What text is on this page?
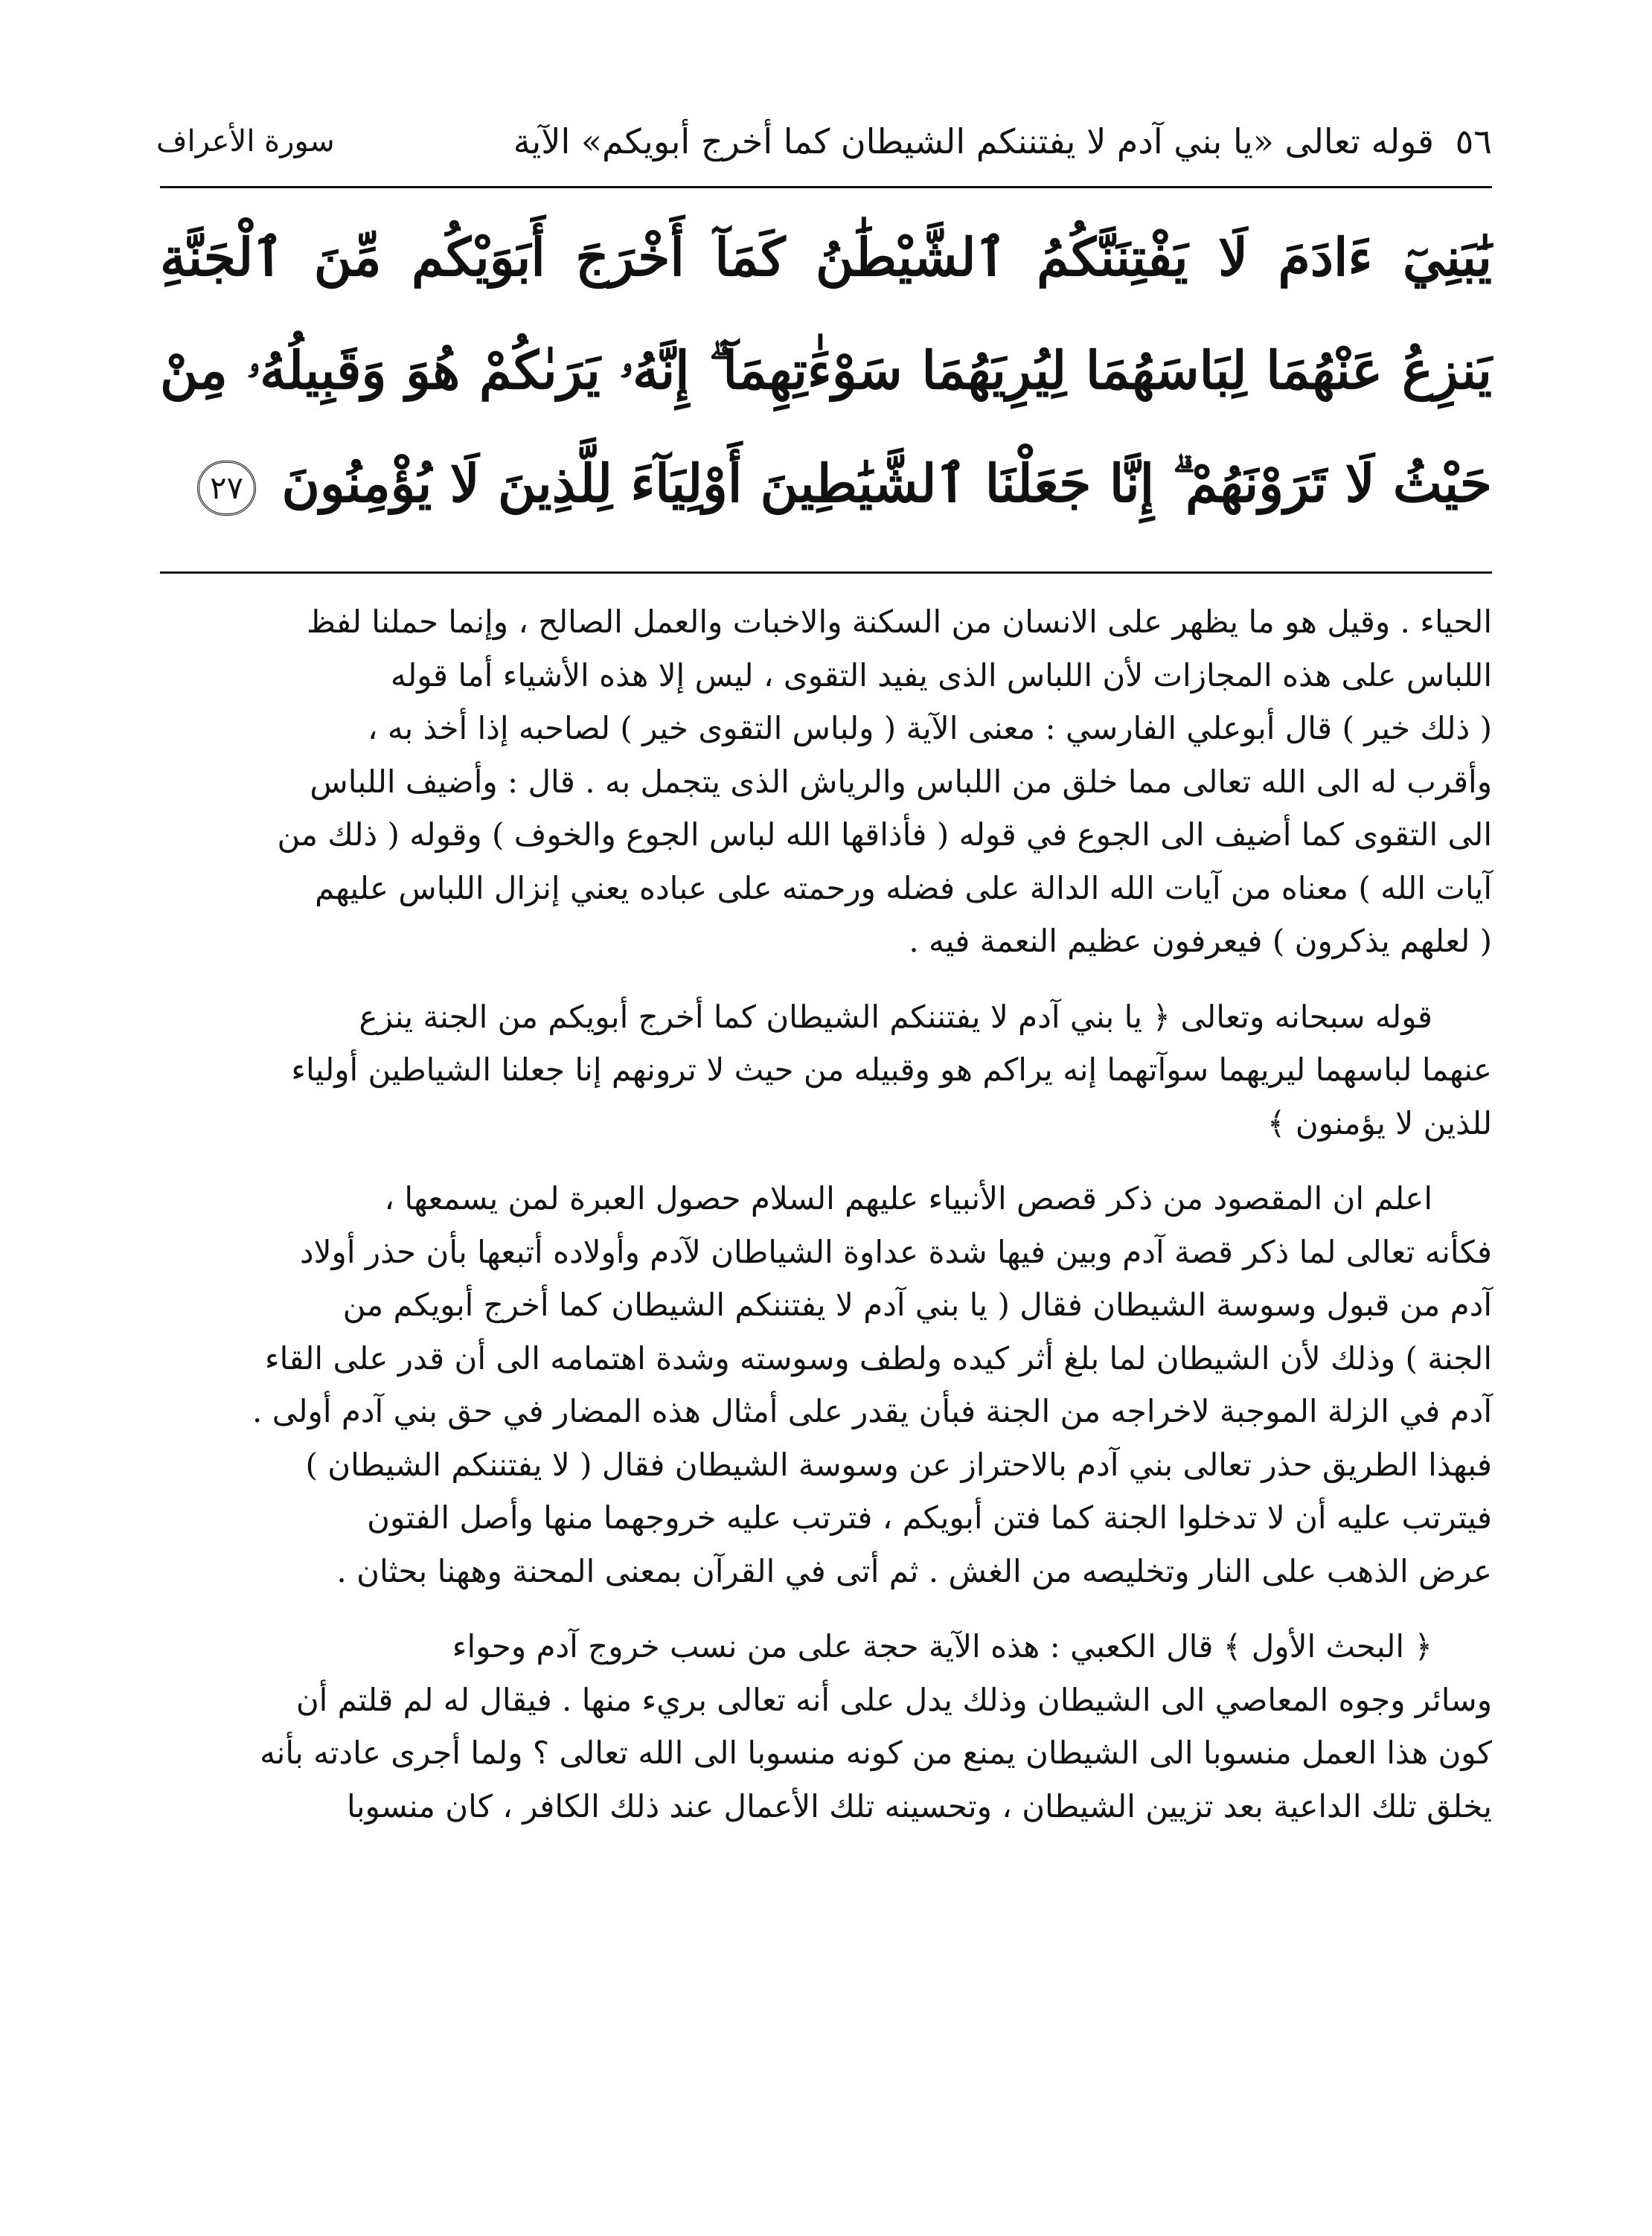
٥٦ قوله تعالى «يا بني آدم لا يفتننكم الشيطان كما أخرج أبويكم» الآية
سورة الأعراف
يَٰبَنِيٓ ءَادَمَ لَا يَفْتِنَنَّكُمُ ٱلشَّيْطَٰنُ كَمَآ أَخْرَجَ أَبَوَيْكُم مِّنَ ٱلْجَنَّةِ يَنزِعُ عَنْهُمَا لِبَاسَهُمَا لِيُرِيَهُمَا سَوْءَٰتِهِمَآ ۗ إِنَّهُۥ يَرَىٰكُمْ هُوَ وَقَبِيلُهُۥ مِنْ حَيْثُ لَا تَرَوْنَهُمْ ۗ إِنَّا جَعَلْنَا ٱلشَّيَٰطِينَ أَوْلِيَآءَ لِلَّذِينَ لَا يُؤْمِنُونَ ٢٧

الحياء . وقيل هو ما يظهر على الانسان من السكنة والاخبات والعمل الصالح ، وإنما حملنا لفظ

اللباس على هذه المجازات لأن اللباس الذى يفيد التقوى ، ليس إلا هذه الأشياء أما قوله

( ذلك خير ) قال أبوعلي الفارسي : معنى الآية ( ولباس التقوى خير ) لصاحبه إذا أخذ به ،

وأقرب له الى الله تعالى مما خلق من اللباس والرياش الذى يتجمل به . قال : وأضيف اللباس

الى التقوى كما أضيف الى الجوع في قوله ( فأذاقها الله لباس الجوع والخوف ) وقوله ( ذلك من

آيات الله ) معناه من آيات الله الدالة على فضله ورحمته على عباده يعني إنزال اللباس عليهم

( لعلهم يذكرون ) فيعرفون عظيم النعمة فيه .

قوله سبحانه وتعالى ﴿ يا بني آدم لا يفتننكم الشيطان كما أخرج أبويكم من الجنة ينزع

عنهما لباسهما ليريهما سوآتهما إنه يراكم هو وقبيله من حيث لا ترونهم إنا جعلنا الشياطين أولياء

للذين لا يؤمنون ﴾

اعلم ان المقصود من ذكر قصص الأنبياء عليهم السلام حصول العبرة لمن يسمعها ،

فكأنه تعالى لما ذكر قصة آدم وبين فيها شدة عداوة الشياطان لآدم وأولاده أتبعها بأن حذر أولاد

آدم من قبول وسوسة الشيطان فقال ( يا بني آدم لا يفتننكم الشيطان كما أخرج أبويكم من

الجنة ) وذلك لأن الشيطان لما بلغ أثر كيده ولطف وسوسته وشدة اهتمامه الى أن قدر على القاء

آدم في الزلة الموجبة لاخراجه من الجنة فبأن يقدر على أمثال هذه المضار في حق بني آدم أولى .

فبهذا الطريق حذر تعالى بني آدم بالاحتراز عن وسوسة الشيطان فقال ( لا يفتننكم الشيطان )

فيترتب عليه أن لا تدخلوا الجنة كما فتن أبويكم ، فترتب عليه خروجهما منها وأصل الفتون

عرض الذهب على النار وتخليصه من الغش . ثم أتى في القرآن بمعنى المحنة وههنا بحثان .

﴿ البحث الأول ﴾ قال الكعبي : هذه الآية حجة على من نسب خروج آدم وحواء

وسائر وجوه المعاصي الى الشيطان وذلك يدل على أنه تعالى بريء منها . فيقال له لم قلتم أن

كون هذا العمل منسوبا الى الشيطان يمنع من كونه منسوبا الى الله تعالى ؟ ولما أجرى عادته بأنه

يخلق تلك الداعية بعد تزيين الشيطان ، وتحسينه تلك الأعمال عند ذلك الكافر ، كان منسوبا
